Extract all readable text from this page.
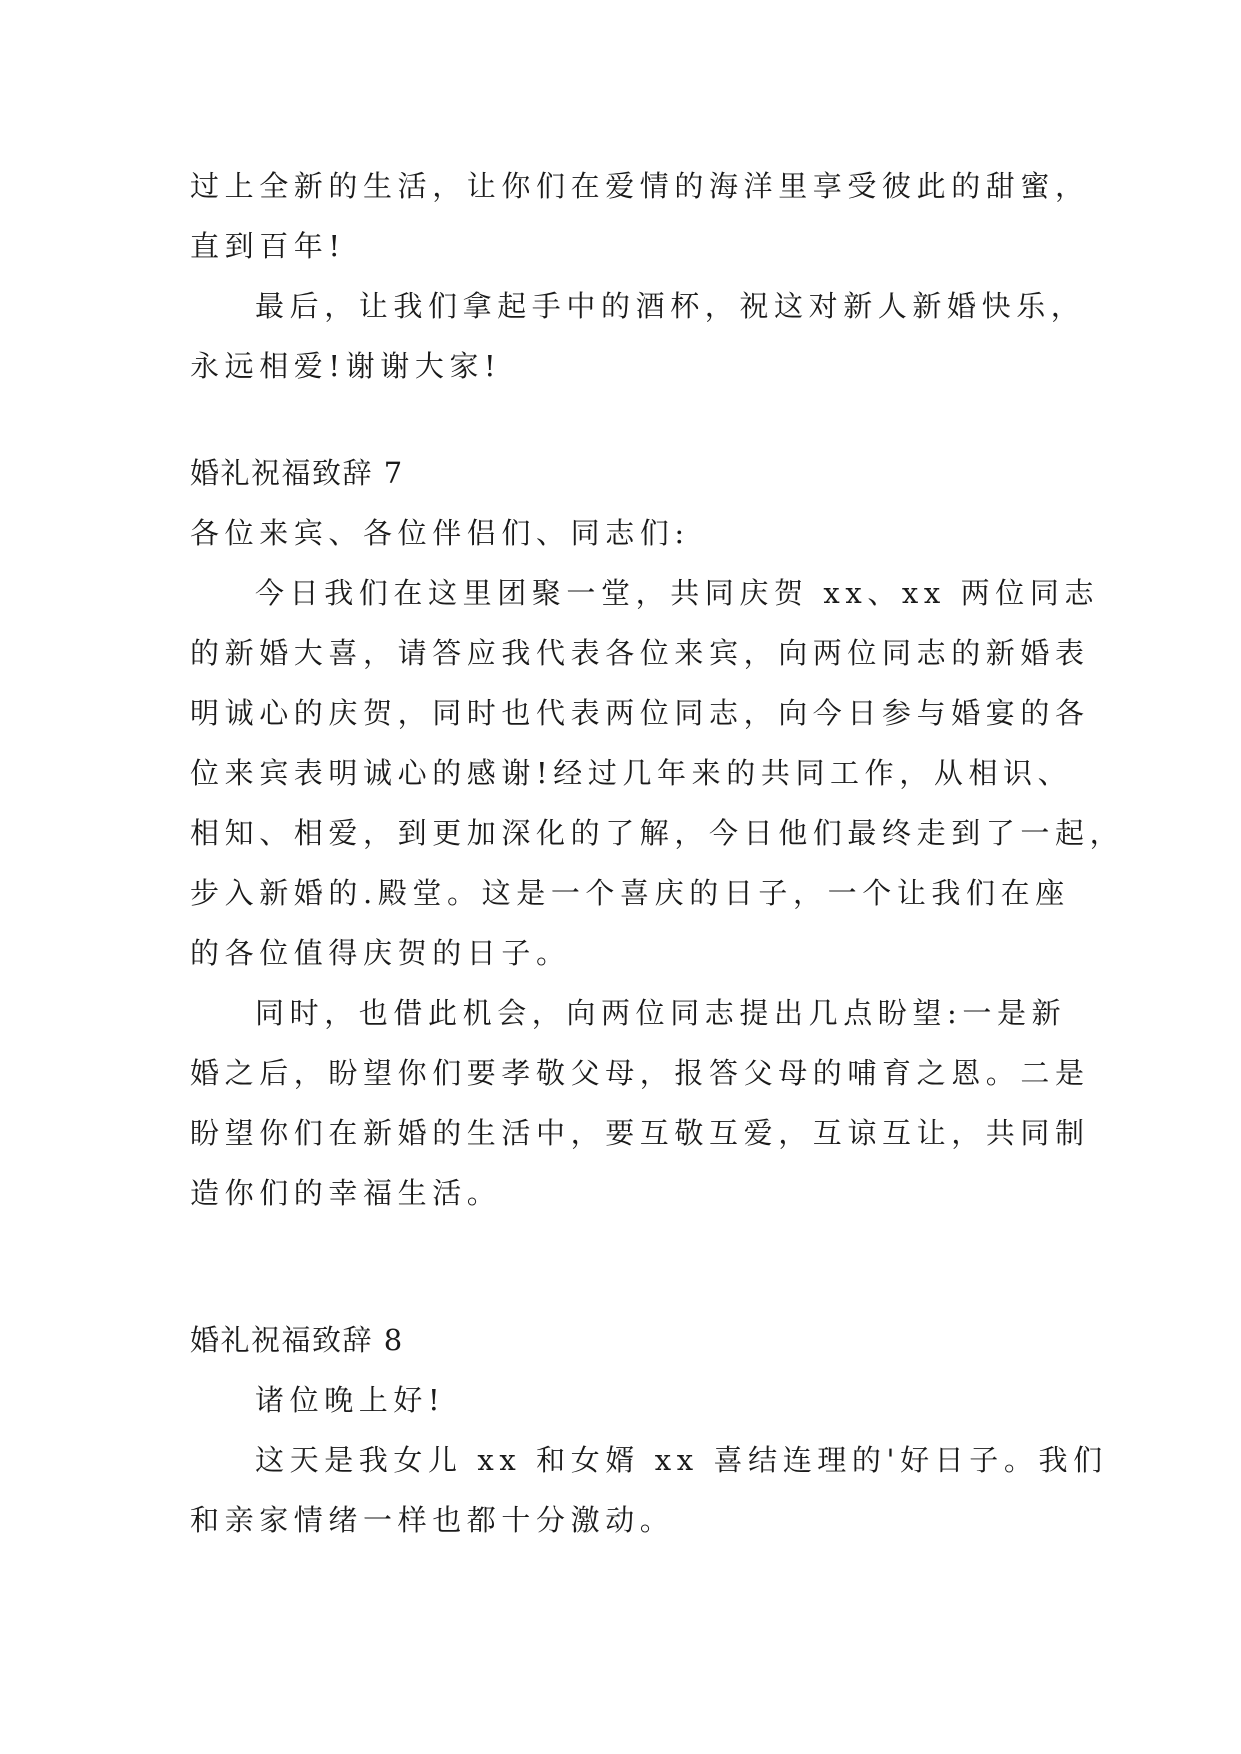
过上全新的生活，让你们在爱情的海洋里享受彼此的甜蜜，

直到百年!

最后，让我们拿起手中的酒杯，祝这对新人新婚快乐，

永远相爱!谢谢大家!

婚礼祝福致辞 7

各位来宾、各位伴侣们、同志们:

今日我们在这里团聚一堂，共同庆贺 xx、xx 两位同志

的新婚大喜，请答应我代表各位来宾，向两位同志的新婚表

明诚心的庆贺，同时也代表两位同志，向今日参与婚宴的各

位来宾表明诚心的感谢!经过几年来的共同工作，从相识、

相知、相爱，到更加深化的了解，今日他们最终走到了一起，

步入新婚的.殿堂。这是一个喜庆的日子，一个让我们在座

的各位值得庆贺的日子。

同时，也借此机会，向两位同志提出几点盼望:一是新

婚之后，盼望你们要孝敬父母，报答父母的哺育之恩。二是

盼望你们在新婚的生活中，要互敬互爱，互谅互让，共同制

造你们的幸福生活。

婚礼祝福致辞 8

诸位晚上好!

这天是我女儿 xx 和女婿 xx 喜结连理的'好日子。我们

和亲家情绪一样也都十分激动。
